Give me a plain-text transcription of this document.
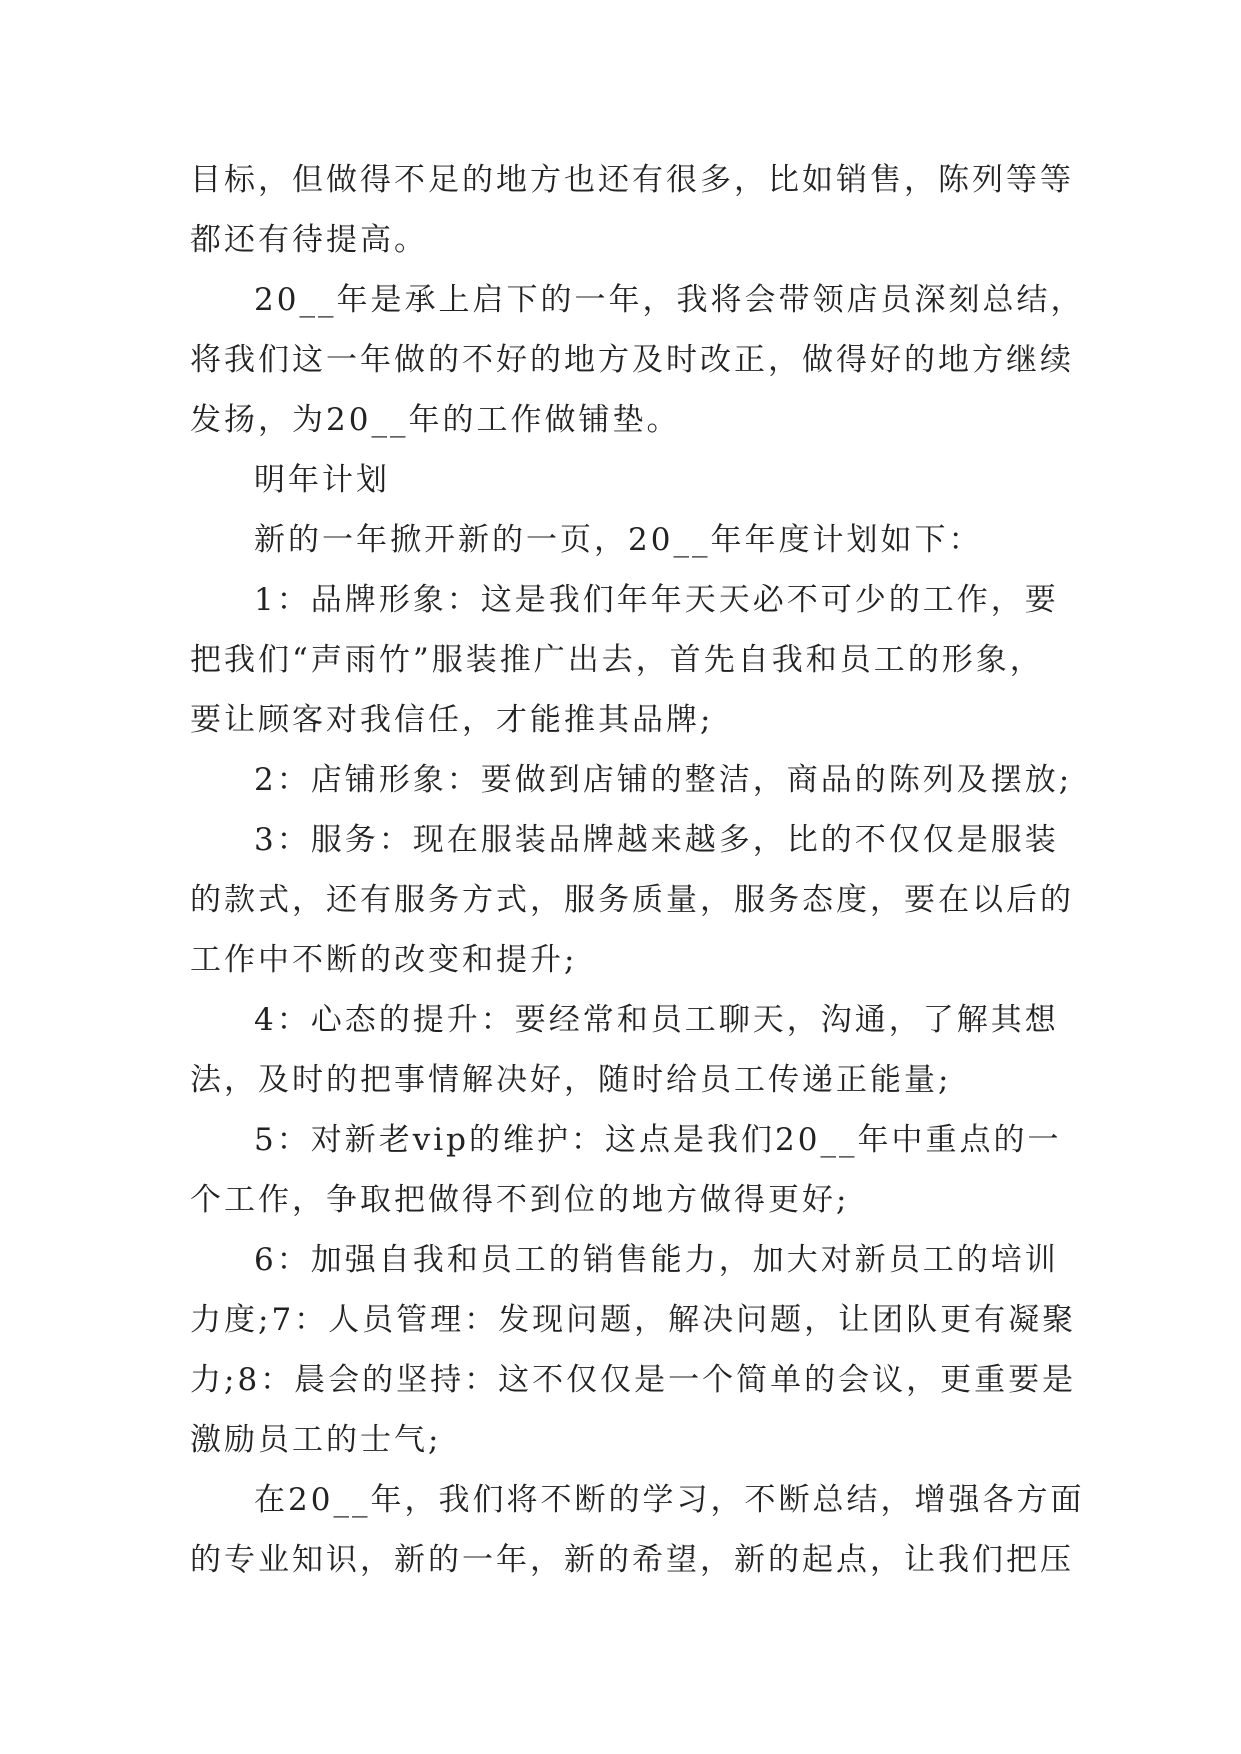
目标，但做得不足的地方也还有很多，比如销售，陈列等等

都还有待提高。

20__年是承上启下的一年，我将会带领店员深刻总结，

将我们这一年做的不好的地方及时改正，做得好的地方继续

发扬，为20__年的工作做铺垫。

明年计划

新的一年掀开新的一页，20__年年度计划如下：

1：品牌形象：这是我们年年天天必不可少的工作，要

把我们“声雨竹”服装推广出去，首先自我和员工的形象，

要让顾客对我信任，才能推其品牌;

2：店铺形象：要做到店铺的整洁，商品的陈列及摆放;

3：服务：现在服装品牌越来越多，比的不仅仅是服装

的款式，还有服务方式，服务质量，服务态度，要在以后的

工作中不断的改变和提升;

4：心态的提升：要经常和员工聊天，沟通，了解其想

法，及时的把事情解决好，随时给员工传递正能量;

5：对新老vip的维护：这点是我们20__年中重点的一

个工作，争取把做得不到位的地方做得更好;

6：加强自我和员工的销售能力，加大对新员工的培训

力度;7：人员管理：发现问题，解决问题，让团队更有凝聚

力;8：晨会的坚持：这不仅仅是一个简单的会议，更重要是

激励员工的士气;

在20__年，我们将不断的学习，不断总结，增强各方面

的专业知识，新的一年，新的希望，新的起点，让我们把压
